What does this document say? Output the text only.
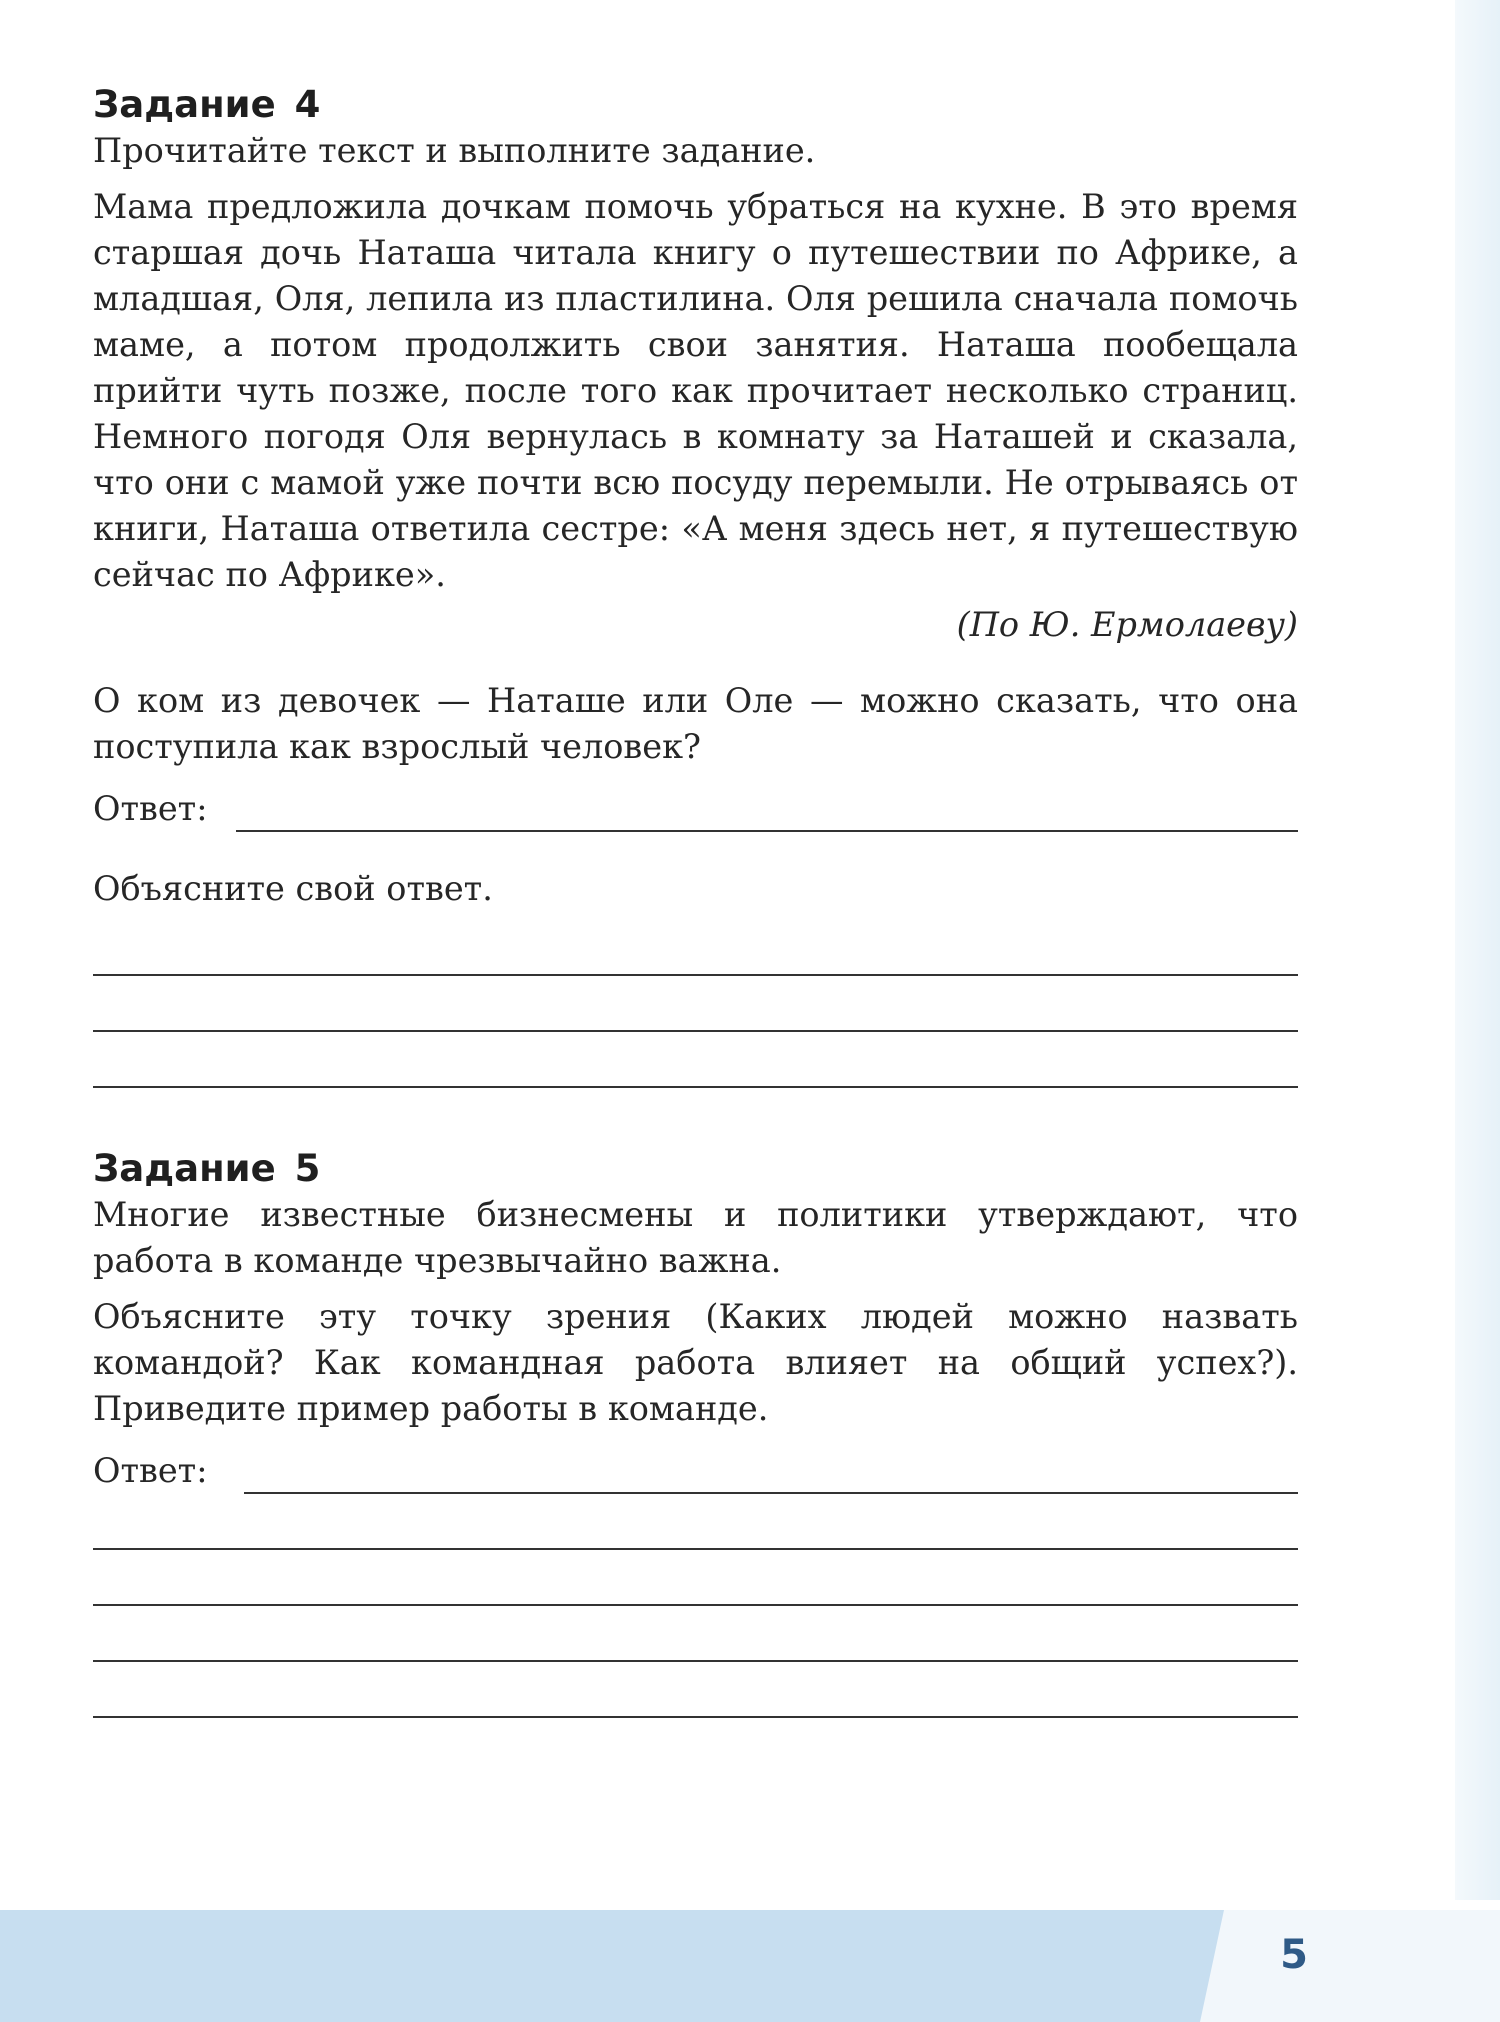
Задание 4

Прочитайте текст и выполните задание.

Мама предложила дочкам помочь убраться на кухне. В это время старшая дочь Наташа читала книгу о путешествии по Африке, а младшая, Оля, лепила из пластилина. Оля решила сначала помочь маме, а потом продолжить свои занятия. Наташа пообещала прийти чуть позже, после того как прочитает несколько страниц. Немного погодя Оля вернулась в комнату за Наташей и сказала, что они с мамой уже почти всю посуду перемыли. Не отрываясь от книги, Наташа ответила сестре: «А меня здесь нет, я путешествую сейчас по Африке».

(По Ю. Ермолаеву)

О ком из девочек — Наташе или Оле — можно сказать, что она поступила как взрослый человек?

Ответ:

Объясните свой ответ.

Задание 5

Многие известные бизнесмены и политики утверждают, что работа в команде чрезвычайно важна.

Объясните эту точку зрения (Каких людей можно назвать командой? Как командная работа влияет на общий успех?). Приведите пример работы в команде.

Ответ:
5
